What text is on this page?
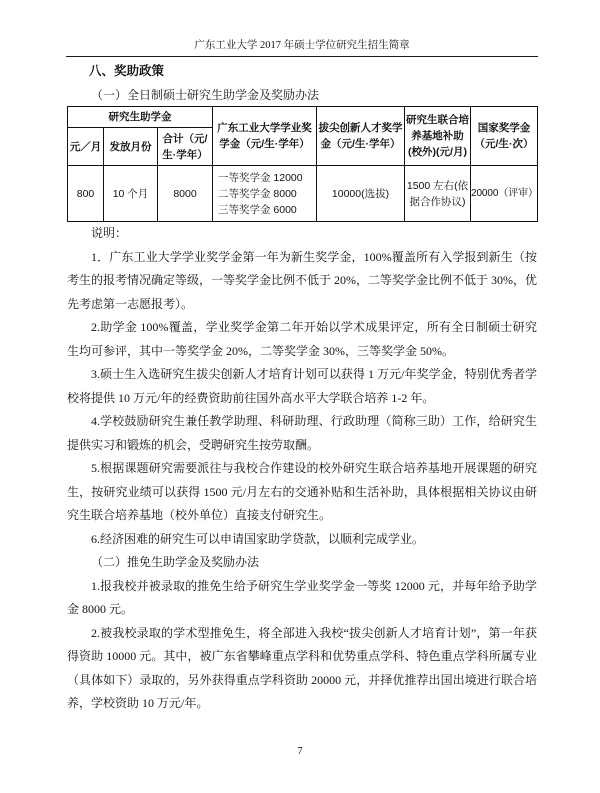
广东工业大学 2017 年硕士学位研究生招生简章
八、奖助政策
（一）全日制硕士研究生助学金及奖励办法
研究生助学金			广东工业大学学业奖学金（元/生·学年）	拔尖创新人才奖学金（元/生·学年）	研究生联合培养基地补助(校外)(元/月)	国家奖学金（元/生·次）
元／月	发放月份	合计（元/生·学年）				
800	10 个月	8000	一等奖学金 12000
二等奖学金 8000
三等奖学金 6000	10000(选拔)	1500 左右(依据合作协议)	20000（评审）
说明：
1．广东工业大学学业奖学金第一年为新生奖学金，100%覆盖所有入学报到新生（按考生的报考情况确定等级，一等奖学金比例不低于 20%，二等奖学金比例不低于 30%，优先考虑第一志愿报考）。
2.助学金 100%覆盖，学业奖学金第二年开始以学术成果评定，所有全日制硕士研究生均可参评，其中一等奖学金 20%，二等奖学金 30%，三等奖学金 50%。
3.硕士生入选研究生拔尖创新人才培育计划可以获得 1 万元/年奖学金，特别优秀者学校将提供 10 万元/年的经费资助前往国外高水平大学联合培养 1-2 年。
4.学校鼓励研究生兼任教学助理、科研助理、行政助理（简称三助）工作，给研究生提供实习和锻炼的机会，受聘研究生按劳取酬。
5.根据课题研究需要派往与我校合作建设的校外研究生联合培养基地开展课题的研究生，按研究业绩可以获得 1500 元/月左右的交通补贴和生活补助，具体根据相关协议由研究生联合培养基地（校外单位）直接支付研究生。
6.经济困难的研究生可以申请国家助学贷款，以顺利完成学业。
（二）推免生助学金及奖励办法
1.报我校并被录取的推免生给予研究生学业奖学金一等奖 12000 元，并每年给予助学金 8000 元。
2.被我校录取的学术型推免生，将全部进入我校“拔尖创新人才培育计划”，第一年获得资助 10000 元。其中，被广东省攀峰重点学科和优势重点学科、特色重点学科所属专业（具体如下）录取的，另外获得重点学科资助 20000 元，并择优推荐出国出境进行联合培养，学校资助 10 万元/年。
7
